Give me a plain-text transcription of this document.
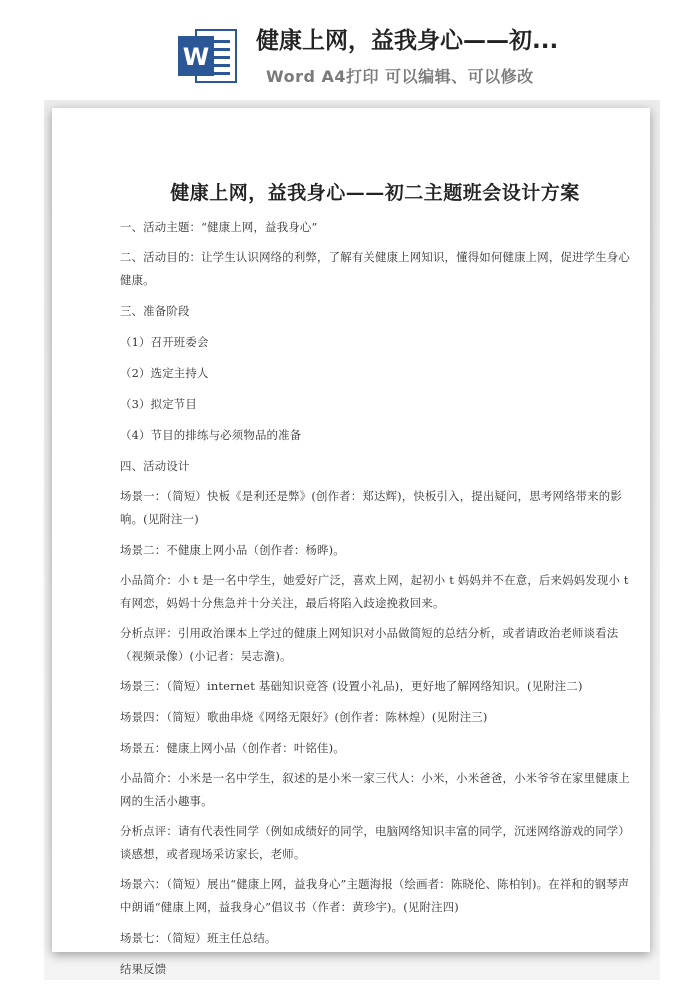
W
健康上网，益我身心——初...
Word A4打印 可以编辑、可以修改
健康上网，益我身心——初二主题班会设计方案

一、活动主题：“健康上网，益我身心”

二、活动目的：让学生认识网络的利弊，了解有关健康上网知识，懂得如何健康上网，促进学生身心健康。

三、准备阶段

（1）召开班委会

（2）选定主持人

（3）拟定节目

（4）节目的排练与必须物品的准备

四、活动设计

场景一：（简短）快板《是利还是弊》(创作者：郑达辉)，快板引入，提出疑问，思考网络带来的影响。(见附注一)

场景二：不健康上网小品（创作者：杨晔)。

小品简介：小 t 是一名中学生，她爱好广泛，喜欢上网，起初小 t 妈妈并不在意，后来妈妈发现小 t 有网恋，妈妈十分焦急并十分关注，最后将陷入歧途挽救回来。

分析点评：引用政治课本上学过的健康上网知识对小品做简短的总结分析，或者请政治老师谈看法（视频录像）(小记者：吴志澹)。

场景三：（简短）internet 基础知识竞答 (设置小礼品)，更好地了解网络知识。(见附注二)

场景四：（简短）歌曲串烧《网络无限好》(创作者：陈林煌）(见附注三)

场景五：健康上网小品（创作者：叶铭佳)。

小品简介：小米是一名中学生，叙述的是小米一家三代人：小米，小米爸爸，小米爷爷在家里健康上网的生活小趣事。

分析点评：请有代表性同学（例如成绩好的同学，电脑网络知识丰富的同学，沉迷网络游戏的同学）谈感想，或者现场采访家长，老师。

场景六：（简短）展出“健康上网，益我身心”主题海报（绘画者：陈晓伦、陈柏钊)。在祥和的钢琴声中朗诵“健康上网，益我身心”倡议书（作者：黄珍宇)。(见附注四)

场景七：（简短）班主任总结。

结果反馈
